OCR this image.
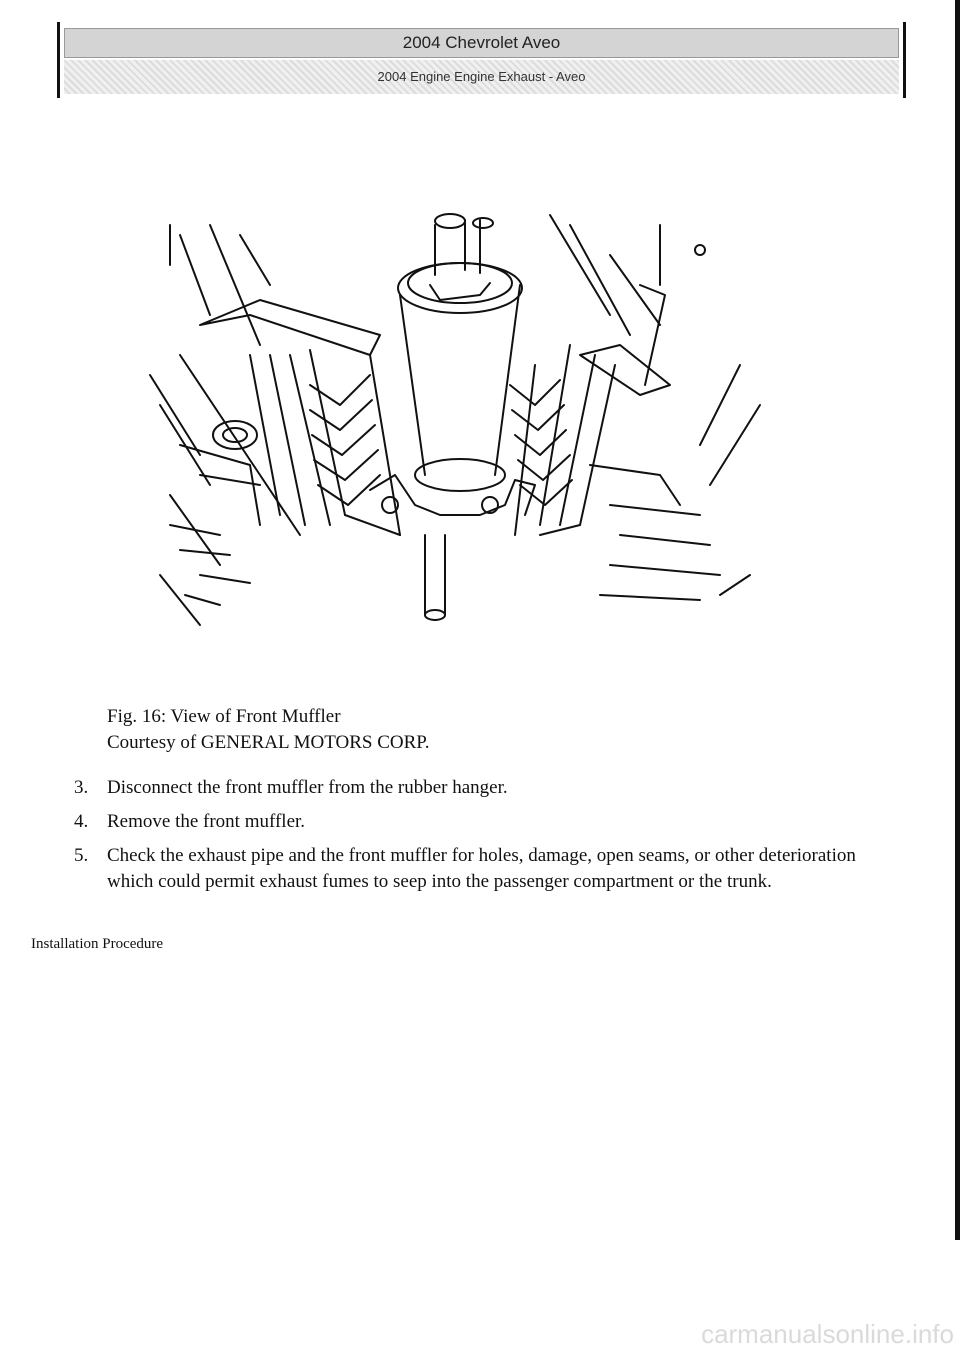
2004 Chevrolet Aveo
2004 Engine Engine Exhaust - Aveo
Fig. 16: View of Front Muffler
Courtesy of GENERAL MOTORS CORP.
3. Disconnect the front muffler from the rubber hanger.
4. Remove the front muffler.
5. Check the exhaust pipe and the front muffler for holes, damage, open seams, or other deterioration which could permit exhaust fumes to seep into the passenger compartment or the trunk.
Installation Procedure
carmanualsonline.info
